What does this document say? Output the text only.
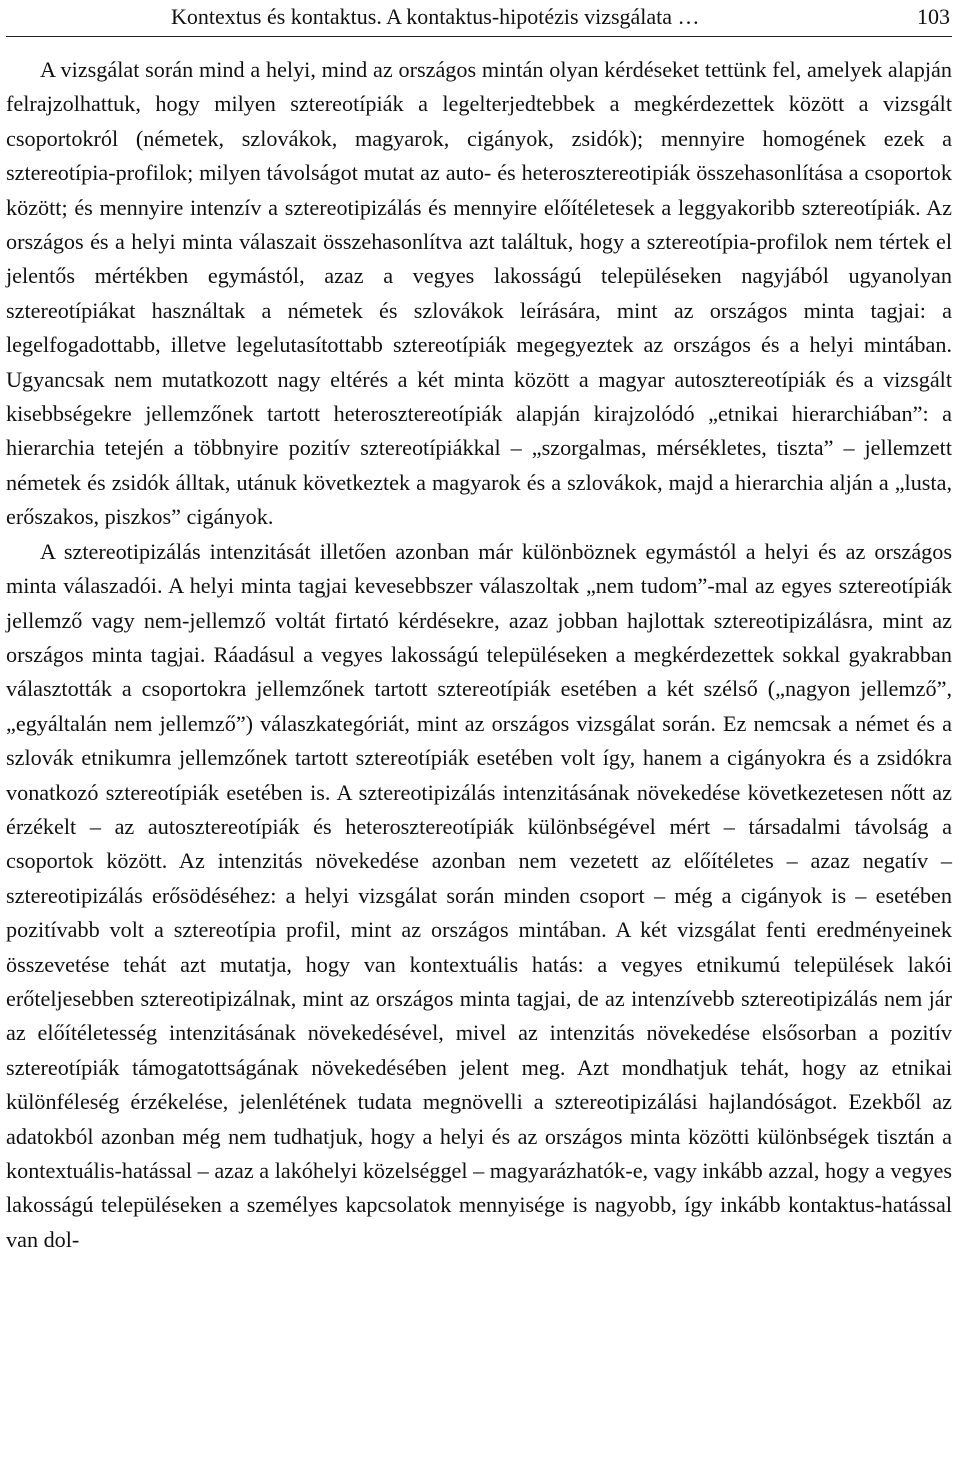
Kontextus és kontaktus. A kontaktus-hipotézis vizsgálata …	103

A vizsgálat során mind a helyi, mind az országos mintán olyan kérdéseket tettünk fel, amelyek alapján felrajzolhattuk, hogy milyen sztereotípiák a legelterjedtebbek a megkérdezettek között a vizsgált csoportokról (németek, szlovákok, magyarok, cigányok, zsidók); mennyire homogének ezek a sztereotípia-profilok; milyen távolságot mutat az auto- és heterosztereotipiák összehasonlítása a csoportok között; és mennyire intenzív a sztereotipizálás és mennyire előítéletesek a leggyakoribb sztereotípiák. Az országos és a helyi minta válaszait összehasonlítva azt találtuk, hogy a sztereotípia-profilok nem tértek el jelentős mértékben egymástól, azaz a vegyes lakosságú településeken nagyjából ugyanolyan sztereotípiákat használtak a németek és szlovákok leírására, mint az országos minta tagjai: a legelfogadottabb, illetve legelutasítottabb sztereotípiák megegyeztek az országos és a helyi mintában. Ugyancsak nem mutatkozott nagy eltérés a két minta között a magyar autosztereotípiák és a vizsgált kisebbségekre jellemzőnek tartott heterosztereotípiák alapján kirajzolódó „etnikai hierarchiában”: a hierarchia tetején a többnyire pozitív sztereotípiákkal – „szorgalmas, mérsékletes, tiszta” – jellemzett németek és zsidók álltak, utánuk következtek a magyarok és a szlovákok, majd a hierarchia alján a „lusta, erőszakos, piszkos” cigányok.

A sztereotipizálás intenzitását illetően azonban már különböznek egymástól a helyi és az országos minta válaszadói. A helyi minta tagjai kevesebbszer válaszoltak „nem tudom”-mal az egyes sztereotípiák jellemző vagy nem-jellemző voltát firtató kérdésekre, azaz jobban hajlottak sztereotipizálásra, mint az országos minta tagjai. Ráadásul a vegyes lakosságú településeken a megkérdezettek sokkal gyakrabban választották a csoportokra jellemzőnek tartott sztereotípiák esetében a két szélső („nagyon jellemző”, „egyáltalán nem jellemző”) válaszkategóriát, mint az országos vizsgálat során. Ez nemcsak a német és a szlovák etnikumra jellemzőnek tartott sztereotípiák esetében volt így, hanem a cigányokra és a zsidókra vonatkozó sztereotípiák esetében is. A sztereotipizálás intenzitásának növekedése következetesen nőtt az érzékelt – az autosztereotípiák és heterosztereotípiák különbségével mért – társadalmi távolság a csoportok között. Az intenzitás növekedése azonban nem vezetett az előítéletes – azaz negatív – sztereotipizálás erősödéséhez: a helyi vizsgálat során minden csoport – még a cigányok is – esetében pozitívabb volt a sztereotípia profil, mint az országos mintában. A két vizsgálat fenti eredményeinek összevetése tehát azt mutatja, hogy van kontextuális hatás: a vegyes etnikumú települések lakói erőteljesebben sztereotipizálnak, mint az országos minta tagjai, de az intenzívebb sztereotipizálás nem jár az előítéletesség intenzitásának növekedésével, mivel az intenzitás növekedése elsősorban a pozitív sztereotípiák támogatottságának növekedésében jelent meg. Azt mondhatjuk tehát, hogy az etnikai különféleség érzékelése, jelenlétének tudata megnövelli a sztereotipizálási hajlandóságot. Ezekből az adatokból azonban még nem tudhatjuk, hogy a helyi és az országos minta közötti különbségek tisztán a kontextuális-hatással – azaz a lakóhelyi közelséggel – magyarázhatók-e, vagy inkább azzal, hogy a vegyes lakosságú településeken a személyes kapcsolatok mennyisége is nagyobb, így inkább kontaktus-hatással van dol-
